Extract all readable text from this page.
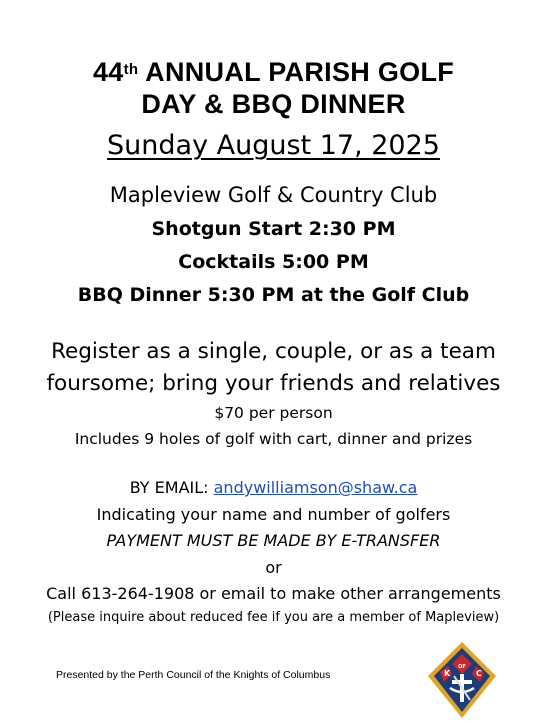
44th ANNUAL PARISH GOLF
DAY & BBQ DINNER
Sunday August 17, 2025
Mapleview Golf & Country Club
Shotgun Start 2:30 PM
Cocktails 5:00 PM
BBQ Dinner 5:30 PM at the Golf Club
Register as a single, couple, or as a team
foursome; bring your friends and relatives
$70 per person
Includes 9 holes of golf with cart, dinner and prizes
BY EMAIL: andywilliamson@shaw.ca
Indicating your name and number of golfers
PAYMENT MUST BE MADE BY E-TRANSFER
or
Call 613-264-1908 or email to make other arrangements
(Please inquire about reduced fee if you are a member of Mapleview)
Presented by the Perth Council of the Knights of Columbus	K
OF
C
